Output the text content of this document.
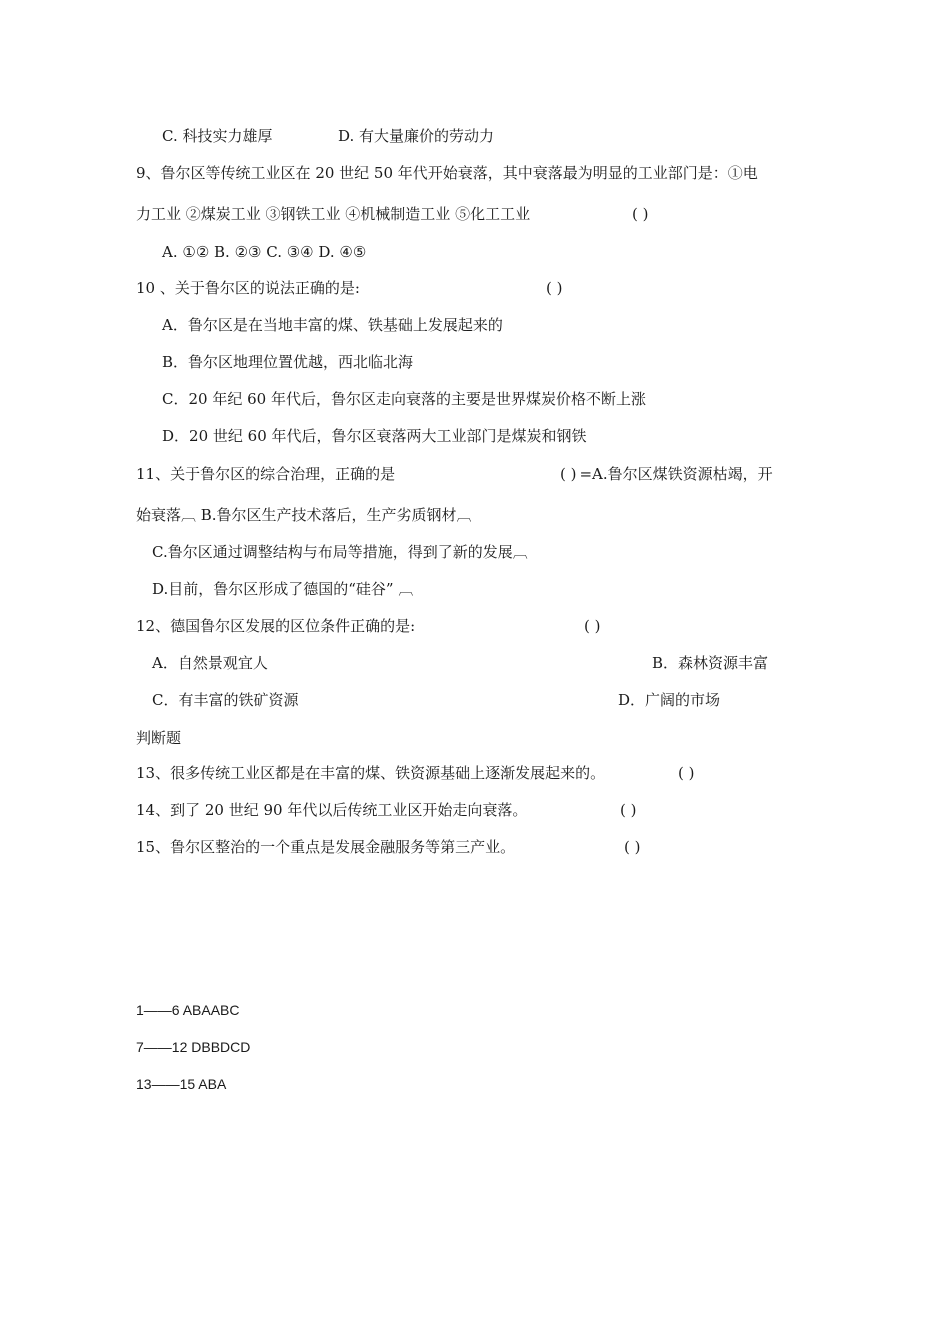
C. 科技实力雄厚	D. 有大量廉价的劳动力
9、鲁尔区等传统工业区在 20 世纪 50 年代开始衰落，其中衰落最为明显的工业部门是：①电
力工业 ②煤炭工业 ③钢铁工业 ④机械制造工业 ⑤化工工业	( )
A. ①② B. ②③ C. ③④ D. ④⑤
10 、关于鲁尔区的说法正确的是:	( )
A．鲁尔区是在当地丰富的煤、铁基础上发展起来的
B．鲁尔区地理位置优越，西北临北海
C．20 年纪 60 年代后，鲁尔区走向衰落的主要是世界煤炭价格不断上涨
D．20 世纪 60 年代后，鲁尔区衰落两大工业部门是煤炭和钢铁
11、关于鲁尔区的综合治理，正确的是	( ) =A.鲁尔区煤铁资源枯竭，开
始衰落︹ B.鲁尔区生产技术落后，生产劣质钢材︹
C.鲁尔区通过调整结构与布局等措施，得到了新的发展︹
D.目前，鲁尔区形成了德国的“硅谷” ︹
12、德国鲁尔区发展的区位条件正确的是:	( )
A．自然景观宜人	B．森林资源丰富
C．有丰富的铁矿资源	D．广阔的市场
判断题
13、很多传统工业区都是在丰富的煤、铁资源基础上逐渐发展起来的。	( )
14、到了 20 世纪 90 年代以后传统工业区开始走向衰落。	( )
15、鲁尔区整治的一个重点是发展金融服务等第三产业。	( )
1——6 ABAABC
7——12 DBBDCD
13——15 ABA
